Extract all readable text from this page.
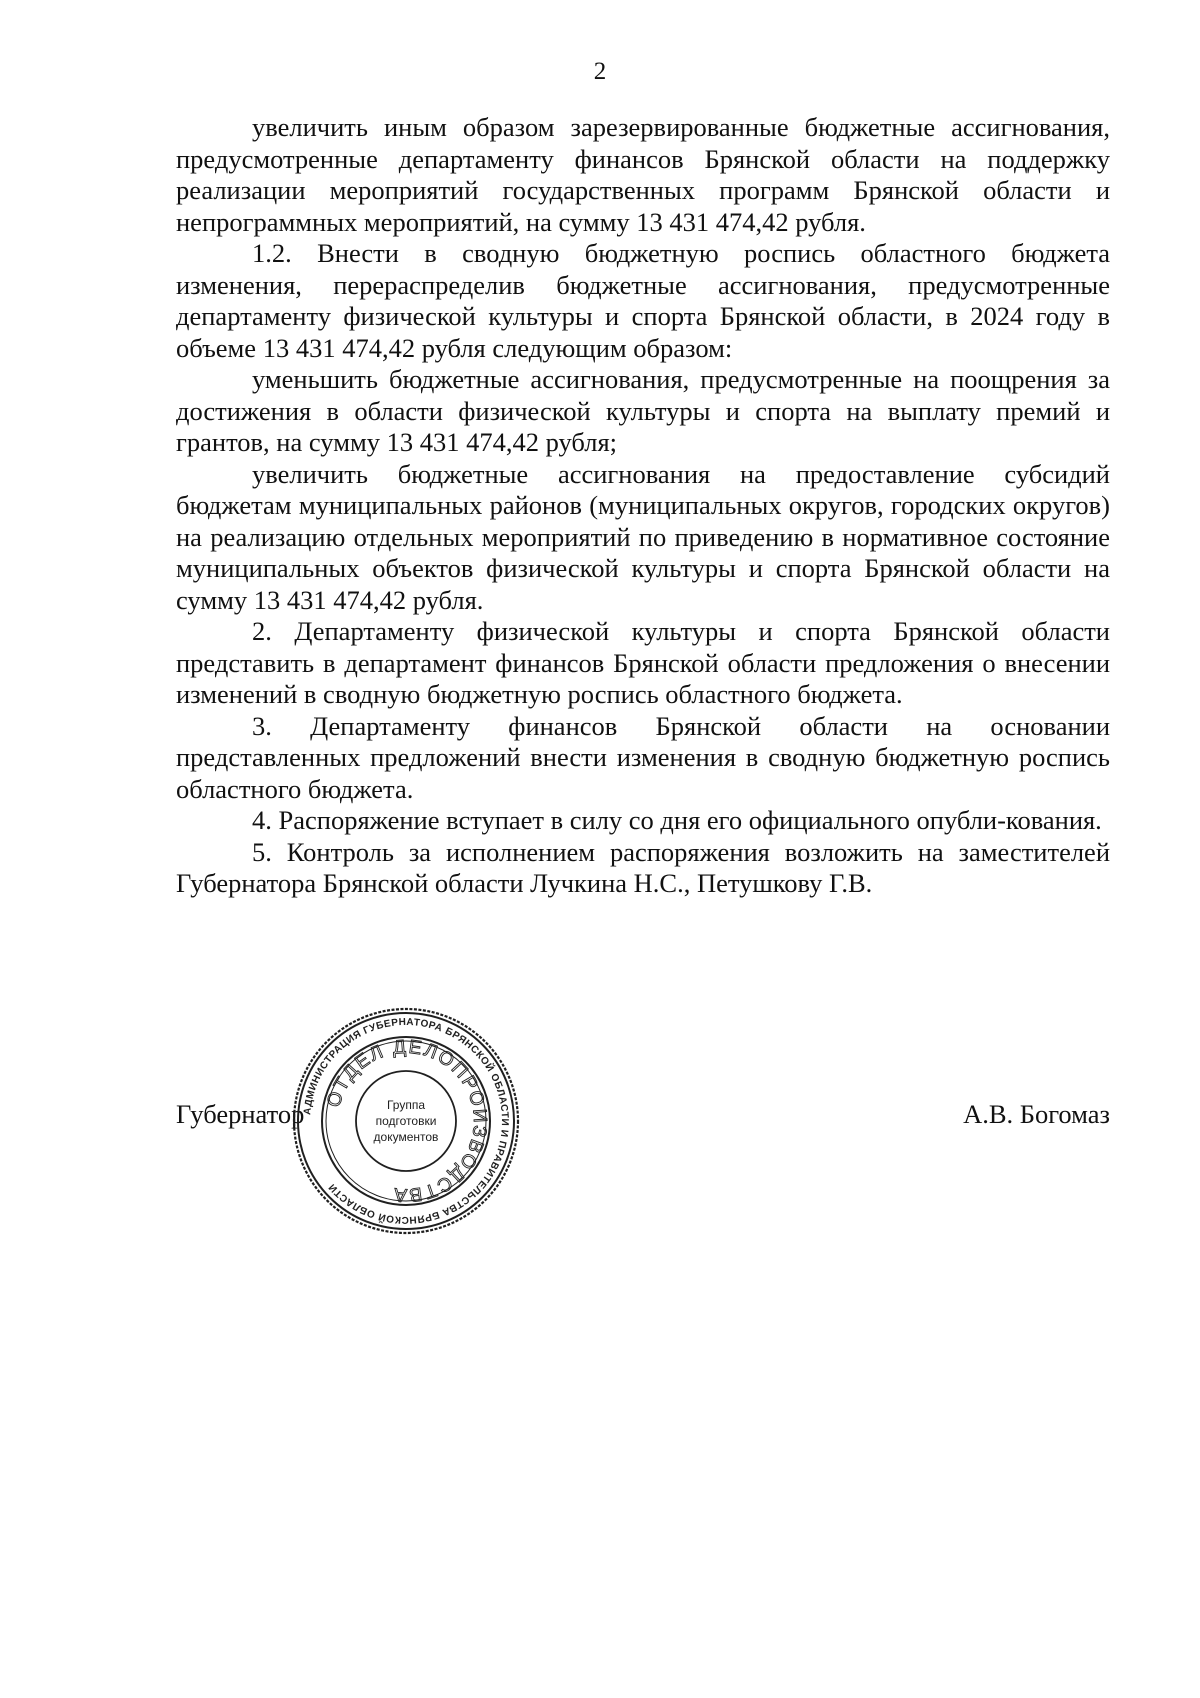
2

увеличить иным образом зарезервированные бюджетные ассигнования, предусмотренные департаменту финансов Брянской области на поддержку реализации мероприятий государственных программ Брянской области и непрограммных мероприятий, на сумму 13 431 474,42 рубля.

1.2. Внести в сводную бюджетную роспись областного бюджета изменения, перераспределив бюджетные ассигнования, предусмотренные департаменту физической культуры и спорта Брянской области, в 2024 году в объеме 13 431 474,42 рубля следующим образом:

уменьшить бюджетные ассигнования, предусмотренные на поощрения за достижения в области физической культуры и спорта на выплату премий и грантов, на сумму 13 431 474,42 рубля;

увеличить бюджетные ассигнования на предоставление субсидий бюджетам муниципальных районов (муниципальных округов, городских округов) на реализацию отдельных мероприятий по приведению в нормативное состояние муниципальных объектов физической культуры и спорта Брянской области на сумму 13 431 474,42 рубля.

2. Департаменту физической культуры и спорта Брянской области представить в департамент финансов Брянской области предложения о внесении изменений в сводную бюджетную роспись областного бюджета.

3. Департаменту финансов Брянской области на основании представленных предложений внести изменения в сводную бюджетную роспись областного бюджета.

4. Распоряжение вступает в силу со дня его официального опубли-кования.

5. Контроль за исполнением распоряжения возложить на заместителей Губернатора Брянской области Лучкина Н.С., Петушкову Г.В.

Губернатор	А.В. Богомаз
АДМИНИСТРАЦИЯ ГУБЕРНАТОРА БРЯНСКОЙ ОБЛАСТИ И ПРАВИТЕЛЬСТВА БРЯНСКОЙ ОБЛАСТИ
ОТДЕЛ ДЕЛОПРОИЗВОДСТВА
Группа
подготовки
документов
